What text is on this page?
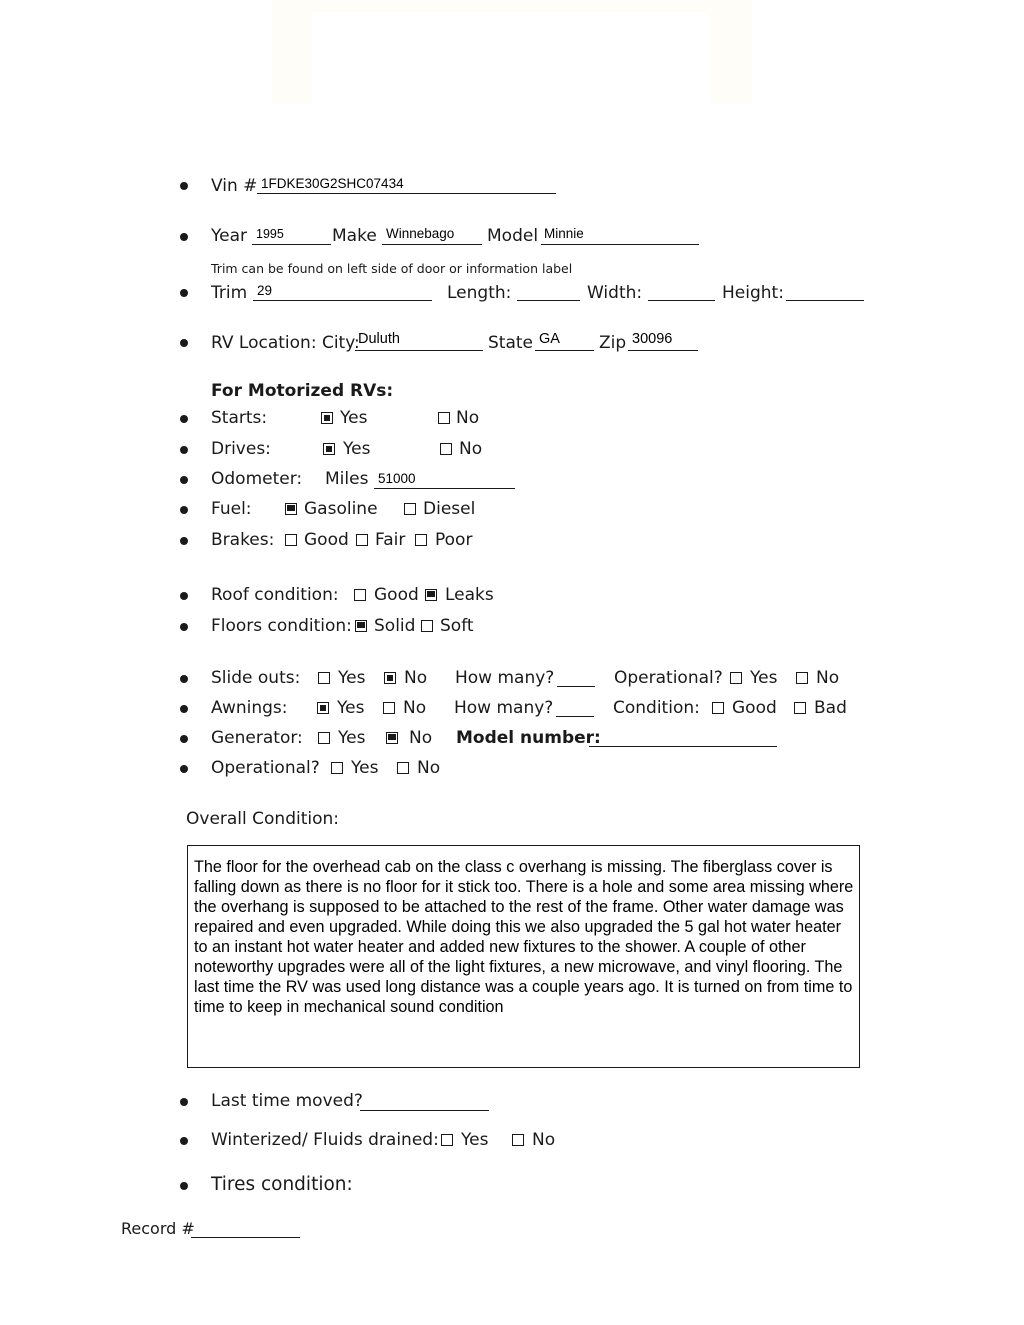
Vin # 1FDKE30G2SHC07434
Year 1995	Make Winnebago Model Minnie
Trim can be found on left side of door or information label
Trim 29	Length:	Width:	Height:
RV Location: City:
Duluth	State GA Zip 30096
For Motorized RVs:
Starts:	Yes	No
Drives:	Yes	No
Odometer: Miles 51000
Fuel:	Gasoline	Diesel
Brakes: Good Fair Poor
Roof condition: Good Leaks
Floors condition: Solid Soft
Slide outs: Yes No How many?	Operational? Yes No
Awnings:	Yes No How many?	Condition: Good Bad
Generator: Yes	No Model number:
Operational? Yes No
Overall Condition:
The floor for the overhead cab on the class c overhang is missing. The fiberglass cover is falling down as there is no floor for it stick too. There is a hole and some area missing where the overhang is supposed to be attached to the rest of the frame. Other water damage was repaired and even upgraded. While doing this we also upgraded the 5 gal hot water heater to an instant hot water heater and added new fixtures to the shower. A couple of other noteworthy upgrades were all of the light fixtures, a new microwave, and vinyl flooring. The last time the RV was used long distance was a couple years ago. It is turned on from time to time to keep in mechanical sound condition
Last time moved?
Winterized/ Fluids drained: Yes	No
Tires condition:
Record #
